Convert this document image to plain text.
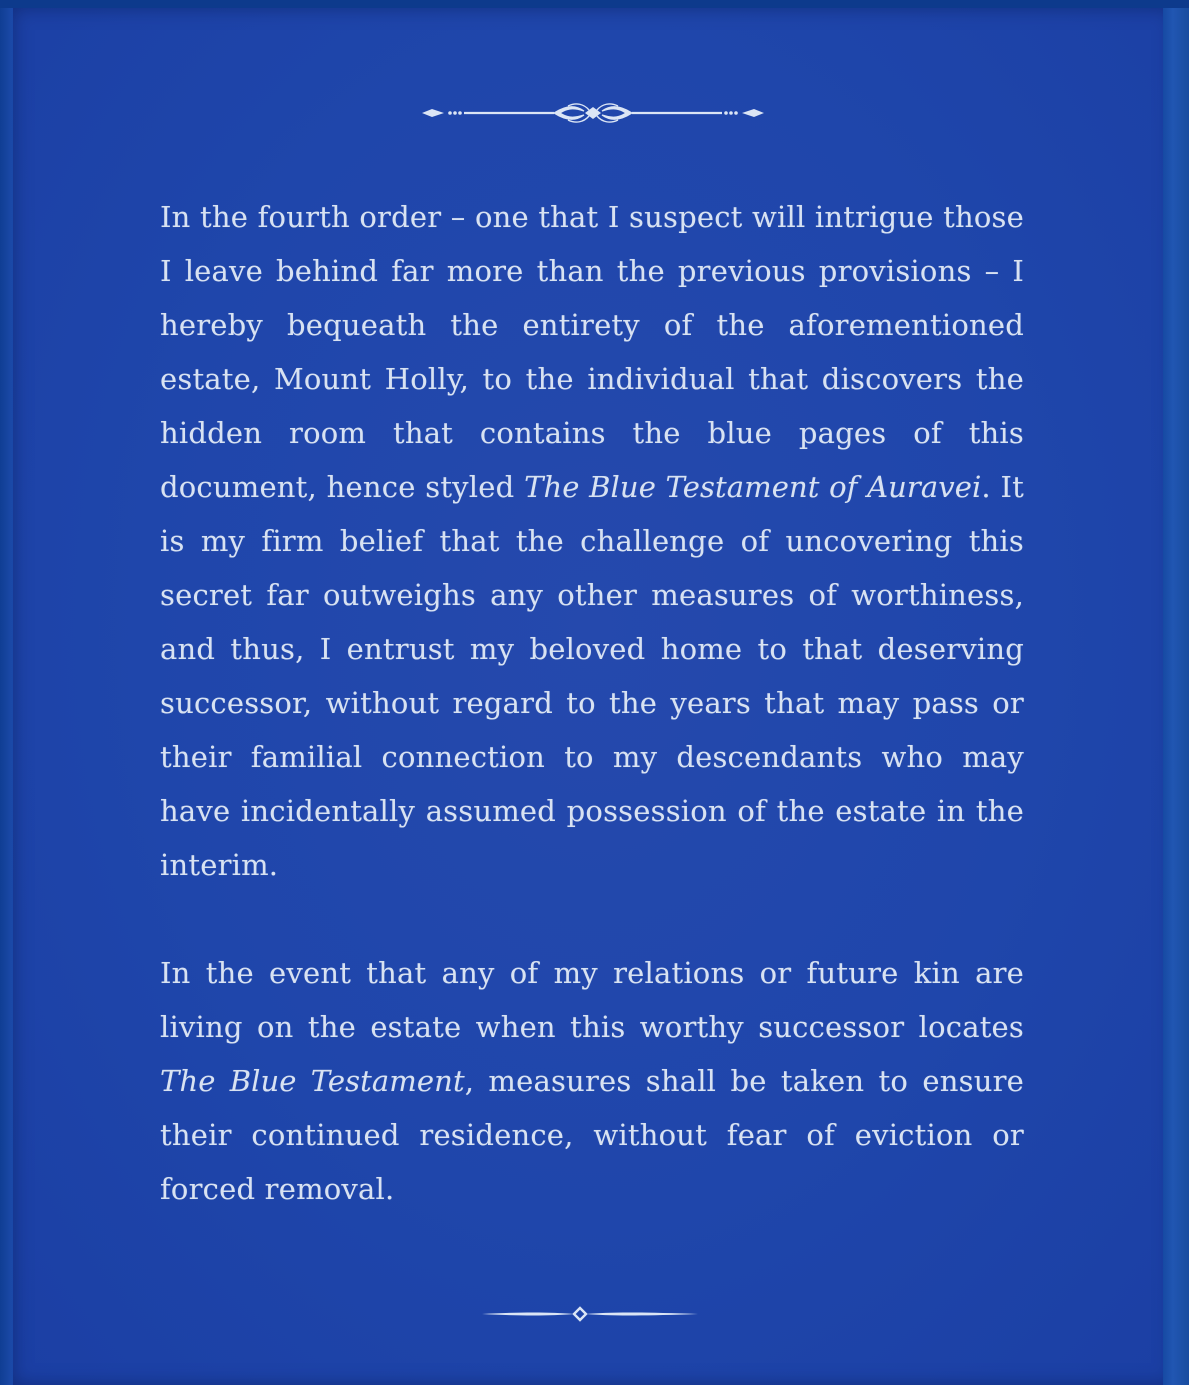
In the fourth order – one that I suspect will intrigue those I leave behind far more than the previous provisions – I hereby bequeath the entirety of the aforementioned estate, Mount Holly, to the individual that discovers the hidden room that contains the blue pages of this document, hence styled The Blue Testament of Auravei. It is my firm belief that the challenge of uncovering this secret far outweighs any other measures of worthiness, and thus, I entrust my beloved home to that deserving successor, without regard to the years that may pass or their familial connection to my descendants who may have incidentally assumed possession of the estate in the interim.

In the event that any of my relations or future kin are living on the estate when this worthy successor locates The Blue Testament, measures shall be taken to ensure their continued residence, without fear of eviction or forced removal.
